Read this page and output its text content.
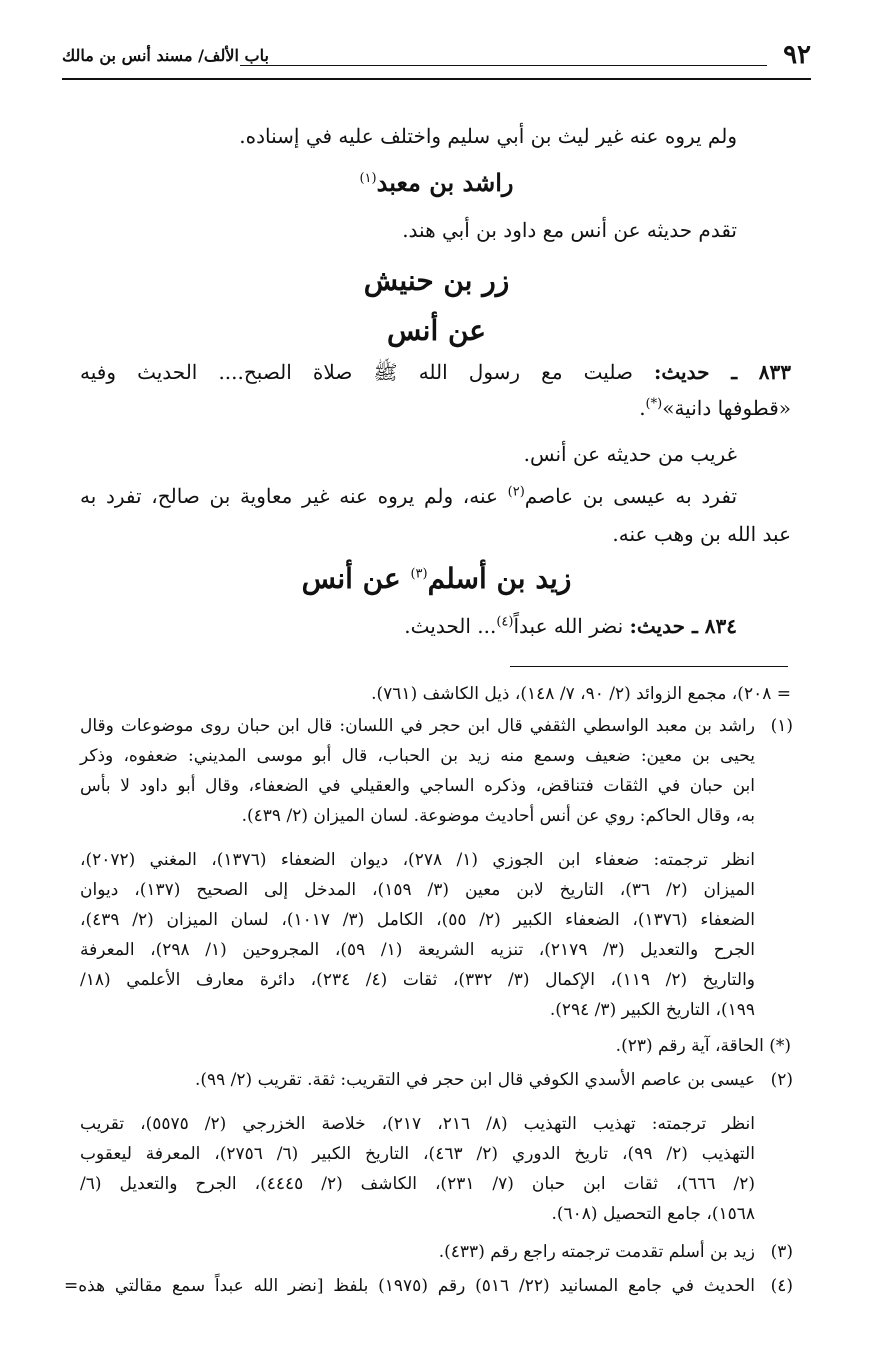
٩٢
باب الألف/ مسند أنس بن مالك
ولم يروه عنه غير ليث بن أبي سليم واختلف عليه في إسناده.
راشد بن معبد$^{(١)}$
تقدم حديثه عن أنس مع داود بن أبي هند.
زر بن حنيش
عن أنس
٨٣٣ ـ حديث: صليت مع رسول الله ﷺ صلاة الصبح.... الحديث وفيه
«قطوفها دانية»(*).
غريب من حديثه عن أنس.
تفرد به عيسى بن عاصم$^{(٢)}$ عنه، ولم يروه عنه غير معاوية بن صالح، تفرد به
عبد الله بن وهب عنه.
زيد بن أسلم$^{(٣)}$ عن أنس
٨٣٤ ـ حديث: نضر الله عبداً$^{(٤)}$... الحديث.
= ٢٠٨)، مجمع الزوائد (٢/ ٩٠، ٧/ ١٤٨)، ذيل الكاشف (٧٦١).
(١)
راشد بن معبد الواسطي الثقفي قال ابن حجر في اللسان: قال ابن حبان روى موضوعات وقال
يحيى بن معين: ضعيف وسمع منه زيد بن الحباب، قال أبو موسى المديني: ضعفوه، وذكر
ابن حبان في الثقات فتناقض، وذكره الساجي والعقيلي في الضعفاء، وقال أبو داود لا بأس
به، وقال الحاكم: روي عن أنس أحاديث موضوعة. لسان الميزان (٢/ ٤٣٩).
انظر ترجمته: ضعفاء ابن الجوزي (١/ ٢٧٨)، ديوان الضعفاء (١٣٧٦)، المغني (٢٠٧٢)،
الميزان (٢/ ٣٦)، التاريخ لابن معين (٣/ ١٥٩)، المدخل إلى الصحيح (١٣٧)، ديوان
الضعفاء (١٣٧٦)، الضعفاء الكبير (٢/ ٥٥)، الكامل (٣/ ١٠١٧)، لسان الميزان (٢/ ٤٣٩)،
الجرح والتعديل (٣/ ٢١٧٩)، تنزيه الشريعة (١/ ٥٩)، المجروحين (١/ ٢٩٨)، المعرفة
والتاريخ (٢/ ١١٩)، الإكمال (٣/ ٣٣٢)، ثقات (٤/ ٢٣٤)، دائرة معارف الأعلمي (١٨/
١٩٩)، التاريخ الكبير (٣/ ٢٩٤).
(*) الحاقة، آية رقم (٢٣).
(٢)
عيسى بن عاصم الأسدي الكوفي قال ابن حجر في التقريب: ثقة. تقريب (٢/ ٩٩).
انظر ترجمته: تهذيب التهذيب (٨/ ٢١٦، ٢١٧)، خلاصة الخزرجي (٢/ ٥٥٧٥)، تقريب
التهذيب (٢/ ٩٩)، تاريخ الدوري (٢/ ٤٦٣)، التاريخ الكبير (٦/ ٢٧٥٦)، المعرفة ليعقوب
(٢/ ٦٦٦)، ثقات ابن حبان (٧/ ٢٣١)، الكاشف (٢/ ٤٤٤٥)، الجرح والتعديل (٦/
١٥٦٨)، جامع التحصيل (٦٠٨).
(٣)
زيد بن أسلم تقدمت ترجمته راجع رقم (٤٣٣).
(٤)
الحديث في جامع المسانيد (٢٢/ ٥١٦) رقم (١٩٧٥) بلفظ [نضر الله عبداً سمع مقالتي هذه=
